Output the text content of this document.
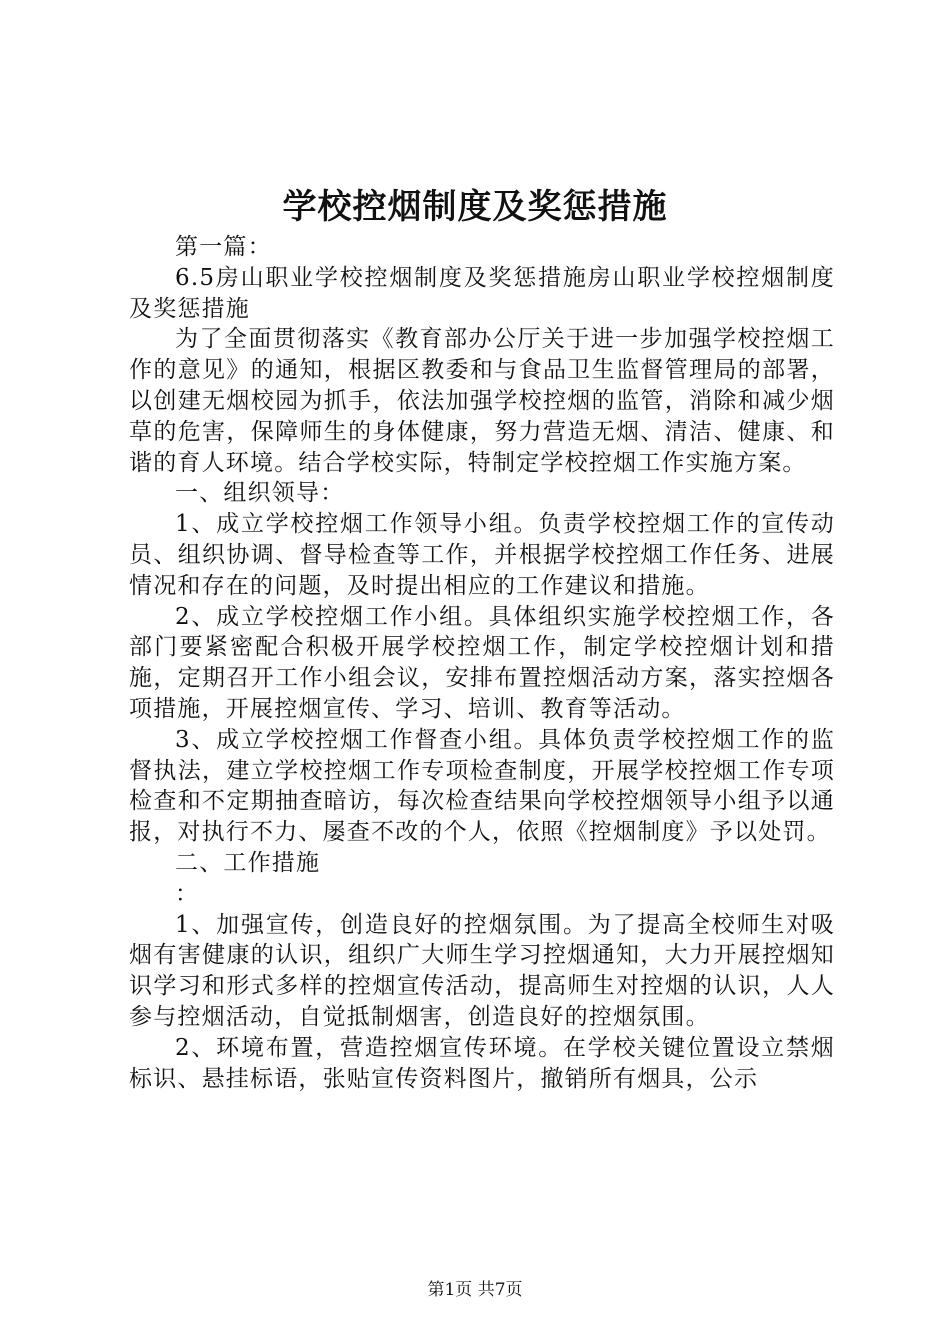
学校控烟制度及奖惩措施

第一篇：

6.5房山职业学校控烟制度及奖惩措施房山职业学校控烟制度及奖惩措施

为了全面贯彻落实《教育部办公厅关于进一步加强学校控烟工作的意见》的通知，根据区教委和与食品卫生监督管理局的部署，以创建无烟校园为抓手，依法加强学校控烟的监管，消除和减少烟草的危害，保障师生的身体健康，努力营造无烟、清洁、健康、和谐的育人环境。结合学校实际，特制定学校控烟工作实施方案。

一、组织领导：

1、成立学校控烟工作领导小组。负责学校控烟工作的宣传动员、组织协调、督导检查等工作，并根据学校控烟工作任务、进展情况和存在的问题，及时提出相应的工作建议和措施。

2、成立学校控烟工作小组。具体组织实施学校控烟工作，各部门要紧密配合积极开展学校控烟工作，制定学校控烟计划和措施，定期召开工作小组会议，安排布置控烟活动方案，落实控烟各项措施，开展控烟宣传、学习、培训、教育等活动。

3、成立学校控烟工作督查小组。具体负责学校控烟工作的监督执法，建立学校控烟工作专项检查制度，开展学校控烟工作专项检查和不定期抽查暗访，每次检查结果向学校控烟领导小组予以通报，对执行不力、屡查不改的个人，依照《控烟制度》予以处罚。

二、工作措施

：

1、加强宣传，创造良好的控烟氛围。为了提高全校师生对吸烟有害健康的认识，组织广大师生学习控烟通知，大力开展控烟知识学习和形式多样的控烟宣传活动，提高师生对控烟的认识，人人参与控烟活动，自觉抵制烟害，创造良好的控烟氛围。

2、环境布置，营造控烟宣传环境。在学校关键位置设立禁烟标识、悬挂标语，张贴宣传资料图片，撤销所有烟具，公示

第1页 共7页
